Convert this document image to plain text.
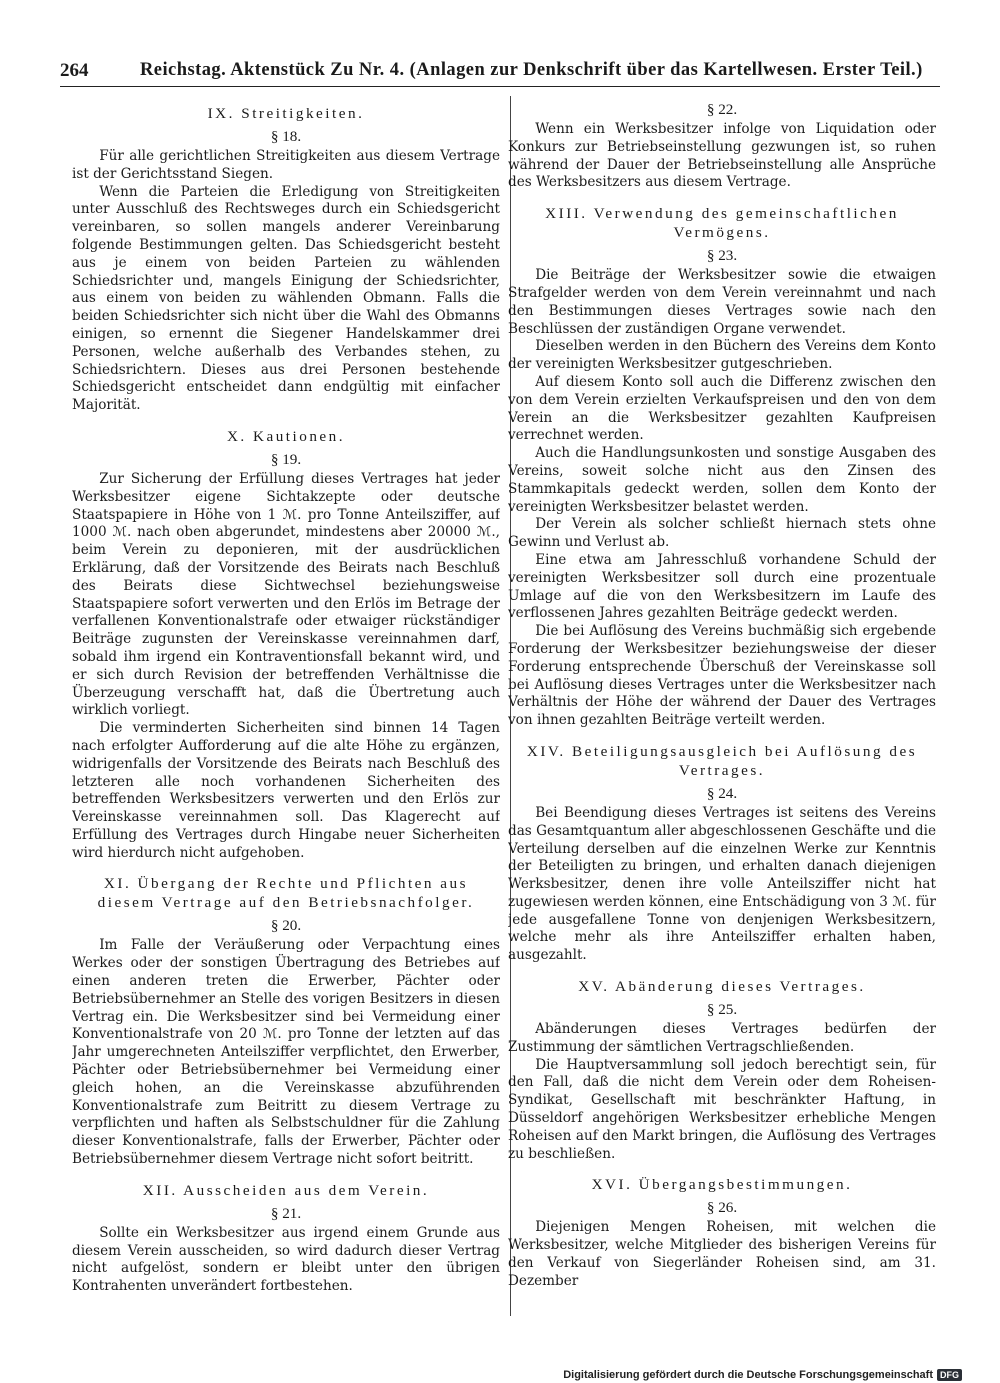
264	Reichstag. Aktenstück Zu Nr. 4. (Anlagen zur Denkschrift über das Kartellwesen. Erster Teil.)
IX. Streitigkeiten.
§ 18.

Für alle gerichtlichen Streitigkeiten aus diesem Vertrage ist der Gerichtsstand Siegen.

Wenn die Parteien die Erledigung von Streitigkeiten unter Ausschluß des Rechtsweges durch ein Schiedsgericht vereinbaren, so sollen mangels anderer Vereinbarung folgende Bestimmungen gelten. Das Schiedsgericht besteht aus je einem von beiden Parteien zu wählenden Schiedsrichter und, mangels Einigung der Schiedsrichter, aus einem von beiden zu wählenden Obmann. Falls die beiden Schiedsrichter sich nicht über die Wahl des Obmanns einigen, so ernennt die Siegener Handelskammer drei Personen, welche außerhalb des Verbandes stehen, zu Schiedsrichtern. Dieses aus drei Personen bestehende Schiedsgericht entscheidet dann endgültig mit einfacher Majorität.

X. Kautionen.
§ 19.

Zur Sicherung der Erfüllung dieses Vertrages hat jeder Werksbesitzer eigene Sichtakzepte oder deutsche Staatspapiere in Höhe von 1 ℳ. pro Tonne Anteilsziffer, auf 1000 ℳ. nach oben abgerundet, mindestens aber 20000 ℳ., beim Verein zu deponieren, mit der ausdrücklichen Erklärung, daß der Vorsitzende des Beirats nach Beschluß des Beirats diese Sichtwechsel beziehungsweise Staatspapiere sofort verwerten und den Erlös im Betrage der verfallenen Konventionalstrafe oder etwaiger rückständiger Beiträge zugunsten der Vereinskasse vereinnahmen darf, sobald ihm irgend ein Kontraventionsfall bekannt wird, und er sich durch Revision der betreffenden Verhältnisse die Überzeugung verschafft hat, daß die Übertretung auch wirklich vorliegt.

Die verminderten Sicherheiten sind binnen 14 Tagen nach erfolgter Aufforderung auf die alte Höhe zu ergänzen, widrigenfalls der Vorsitzende des Beirats nach Beschluß des letzteren alle noch vorhandenen Sicherheiten des betreffenden Werksbesitzers verwerten und den Erlös zur Vereinskasse vereinnahmen soll. Das Klagerecht auf Erfüllung des Vertrages durch Hingabe neuer Sicherheiten wird hierdurch nicht aufgehoben.

XI. Übergang der Rechte und Pflichten aus diesem Vertrage auf den Betriebsnachfolger.
§ 20.

Im Falle der Veräußerung oder Verpachtung eines Werkes oder der sonstigen Übertragung des Betriebes auf einen anderen treten die Erwerber, Pächter oder Betriebsübernehmer an Stelle des vorigen Besitzers in diesen Vertrag ein. Die Werksbesitzer sind bei Vermeidung einer Konventionalstrafe von 20 ℳ. pro Tonne der letzten auf das Jahr umgerechneten Anteilsziffer verpflichtet, den Erwerber, Pächter oder Betriebsübernehmer bei Vermeidung einer gleich hohen, an die Vereinskasse abzuführenden Konventionalstrafe zum Beitritt zu diesem Vertrage zu verpflichten und haften als Selbstschuldner für die Zahlung dieser Konventionalstrafe, falls der Erwerber, Pächter oder Betriebsübernehmer diesem Vertrage nicht sofort beitritt.

XII. Ausscheiden aus dem Verein.
§ 21.

Sollte ein Werksbesitzer aus irgend einem Grunde aus diesem Verein ausscheiden, so wird dadurch dieser Vertrag nicht aufgelöst, sondern er bleibt unter den übrigen Kontrahenten unverändert fortbestehen.

§ 22.

Wenn ein Werksbesitzer infolge von Liquidation oder Konkurs zur Betriebseinstellung gezwungen ist, so ruhen während der Dauer der Betriebseinstellung alle Ansprüche des Werksbesitzers aus diesem Vertrage.

XIII. Verwendung des gemeinschaftlichen Vermögens.
§ 23.

Die Beiträge der Werksbesitzer sowie die etwaigen Strafgelder werden von dem Verein vereinnahmt und nach den Bestimmungen dieses Vertrages sowie nach den Beschlüssen der zuständigen Organe verwendet.

Dieselben werden in den Büchern des Vereins dem Konto der vereinigten Werksbesitzer gutgeschrieben.

Auf diesem Konto soll auch die Differenz zwischen den von dem Verein erzielten Verkaufspreisen und den von dem Verein an die Werksbesitzer gezahlten Kaufpreisen verrechnet werden.

Auch die Handlungsunkosten und sonstige Ausgaben des Vereins, soweit solche nicht aus den Zinsen des Stammkapitals gedeckt werden, sollen dem Konto der vereinigten Werksbesitzer belastet werden.

Der Verein als solcher schließt hiernach stets ohne Gewinn und Verlust ab.

Eine etwa am Jahresschluß vorhandene Schuld der vereinigten Werksbesitzer soll durch eine prozentuale Umlage auf die von den Werksbesitzern im Laufe des verflossenen Jahres gezahlten Beiträge gedeckt werden.

Die bei Auflösung des Vereins buchmäßig sich ergebende Forderung der Werksbesitzer beziehungsweise der dieser Forderung entsprechende Überschuß der Vereinskasse soll bei Auflösung dieses Vertrages unter die Werksbesitzer nach Verhältnis der Höhe der während der Dauer des Vertrages von ihnen gezahlten Beiträge verteilt werden.

XIV. Beteiligungsausgleich bei Auflösung des Vertrages.
§ 24.

Bei Beendigung dieses Vertrages ist seitens des Vereins das Gesamtquantum aller abgeschlossenen Geschäfte und die Verteilung derselben auf die einzelnen Werke zur Kenntnis der Beteiligten zu bringen, und erhalten danach diejenigen Werksbesitzer, denen ihre volle Anteilsziffer nicht hat zugewiesen werden können, eine Entschädigung von 3 ℳ. für jede ausgefallene Tonne von denjenigen Werksbesitzern, welche mehr als ihre Anteilsziffer erhalten haben, ausgezahlt.

XV. Abänderung dieses Vertrages.
§ 25.

Abänderungen dieses Vertrages bedürfen der Zustimmung der sämtlichen Vertragschließenden.

Die Hauptversammlung soll jedoch berechtigt sein, für den Fall, daß die nicht dem Verein oder dem Roheisen-Syndikat, Gesellschaft mit beschränkter Haftung, in Düsseldorf angehörigen Werksbesitzer erhebliche Mengen Roheisen auf den Markt bringen, die Auflösung des Vertrages zu beschließen.

XVI. Übergangsbestimmungen.
§ 26.

Diejenigen Mengen Roheisen, mit welchen die Werksbesitzer, welche Mitglieder des bisherigen Vereins für den Verkauf von Siegerländer Roheisen sind, am 31. Dezember

Digitalisierung gefördert durch die Deutsche Forschungsgemeinschaft DFG
